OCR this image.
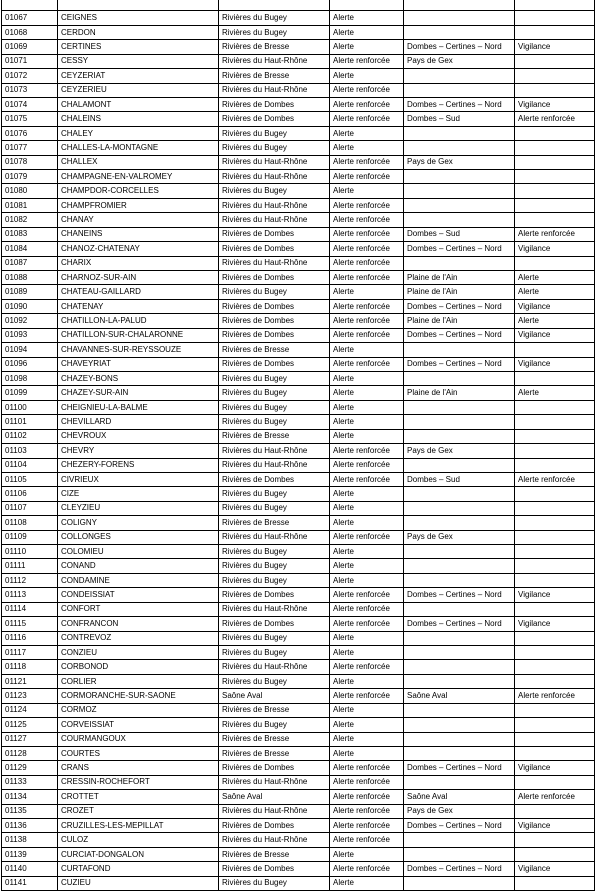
01067	CEIGNES	Rivières du Bugey	Alerte		
01068	CERDON	Rivières du Bugey	Alerte		
01069	CERTINES	Rivières de Bresse	Alerte	Dombes – Certines – Nord	Vigilance
01071	CESSY	Rivières du Haut-Rhône	Alerte renforcée	Pays de Gex	
01072	CEYZERIAT	Rivières de Bresse	Alerte		
01073	CEYZERIEU	Rivières du Haut-Rhône	Alerte renforcée		
01074	CHALAMONT	Rivières de Dombes	Alerte renforcée	Dombes – Certines – Nord	Vigilance
01075	CHALEINS	Rivières de Dombes	Alerte renforcée	Dombes – Sud	Alerte renforcée
01076	CHALEY	Rivières du Bugey	Alerte		
01077	CHALLES-LA-MONTAGNE	Rivières du Bugey	Alerte		
01078	CHALLEX	Rivières du Haut-Rhône	Alerte renforcée	Pays de Gex	
01079	CHAMPAGNE-EN-VALROMEY	Rivières du Haut-Rhône	Alerte renforcée		
01080	CHAMPDOR-CORCELLES	Rivières du Bugey	Alerte		
01081	CHAMPFROMIER	Rivières du Haut-Rhône	Alerte renforcée		
01082	CHANAY	Rivières du Haut-Rhône	Alerte renforcée		
01083	CHANEINS	Rivières de Dombes	Alerte renforcée	Dombes – Sud	Alerte renforcée
01084	CHANOZ-CHATENAY	Rivières de Dombes	Alerte renforcée	Dombes – Certines – Nord	Vigilance
01087	CHARIX	Rivières du Haut-Rhône	Alerte renforcée		
01088	CHARNOZ-SUR-AIN	Rivières de Dombes	Alerte renforcée	Plaine de l'Ain	Alerte
01089	CHATEAU-GAILLARD	Rivières du Bugey	Alerte	Plaine de l'Ain	Alerte
01090	CHATENAY	Rivières de Dombes	Alerte renforcée	Dombes – Certines – Nord	Vigilance
01092	CHATILLON-LA-PALUD	Rivières de Dombes	Alerte renforcée	Plaine de l'Ain	Alerte
01093	CHATILLON-SUR-CHALARONNE	Rivières de Dombes	Alerte renforcée	Dombes – Certines – Nord	Vigilance
01094	CHAVANNES-SUR-REYSSOUZE	Rivières de Bresse	Alerte		
01096	CHAVEYRIAT	Rivières de Dombes	Alerte renforcée	Dombes – Certines – Nord	Vigilance
01098	CHAZEY-BONS	Rivières du Bugey	Alerte		
01099	CHAZEY-SUR-AIN	Rivières du Bugey	Alerte	Plaine de l'Ain	Alerte
01100	CHEIGNIEU-LA-BALME	Rivières du Bugey	Alerte		
01101	CHEVILLARD	Rivières du Bugey	Alerte		
01102	CHEVROUX	Rivières de Bresse	Alerte		
01103	CHEVRY	Rivières du Haut-Rhône	Alerte renforcée	Pays de Gex	
01104	CHEZERY-FORENS	Rivières du Haut-Rhône	Alerte renforcée		
01105	CIVRIEUX	Rivières de Dombes	Alerte renforcée	Dombes – Sud	Alerte renforcée
01106	CIZE	Rivières du Bugey	Alerte		
01107	CLEYZIEU	Rivières du Bugey	Alerte		
01108	COLIGNY	Rivières de Bresse	Alerte		
01109	COLLONGES	Rivières du Haut-Rhône	Alerte renforcée	Pays de Gex	
01110	COLOMIEU	Rivières du Bugey	Alerte		
01111	CONAND	Rivières du Bugey	Alerte		
01112	CONDAMINE	Rivières du Bugey	Alerte		
01113	CONDEISSIAT	Rivières de Dombes	Alerte renforcée	Dombes – Certines – Nord	Vigilance
01114	CONFORT	Rivières du Haut-Rhône	Alerte renforcée		
01115	CONFRANCON	Rivières de Dombes	Alerte renforcée	Dombes – Certines – Nord	Vigilance
01116	CONTREVOZ	Rivières du Bugey	Alerte		
01117	CONZIEU	Rivières du Bugey	Alerte		
01118	CORBONOD	Rivières du Haut-Rhône	Alerte renforcée		
01121	CORLIER	Rivières du Bugey	Alerte		
01123	CORMORANCHE-SUR-SAONE	Saône Aval	Alerte renforcée	Saône Aval	Alerte renforcée
01124	CORMOZ	Rivières de Bresse	Alerte		
01125	CORVEISSIAT	Rivières du Bugey	Alerte		
01127	COURMANGOUX	Rivières de Bresse	Alerte		
01128	COURTES	Rivières de Bresse	Alerte		
01129	CRANS	Rivières de Dombes	Alerte renforcée	Dombes – Certines – Nord	Vigilance
01133	CRESSIN-ROCHEFORT	Rivières du Haut-Rhône	Alerte renforcée		
01134	CROTTET	Saône Aval	Alerte renforcée	Saône Aval	Alerte renforcée
01135	CROZET	Rivières du Haut-Rhône	Alerte renforcée	Pays de Gex	
01136	CRUZILLES-LES-MEPILLAT	Rivières de Dombes	Alerte renforcée	Dombes – Certines – Nord	Vigilance
01138	CULOZ	Rivières du Haut-Rhône	Alerte renforcée		
01139	CURCIAT-DONGALON	Rivières de Bresse	Alerte		
01140	CURTAFOND	Rivières de Dombes	Alerte renforcée	Dombes – Certines – Nord	Vigilance
01141	CUZIEU	Rivières du Bugey	Alerte		
